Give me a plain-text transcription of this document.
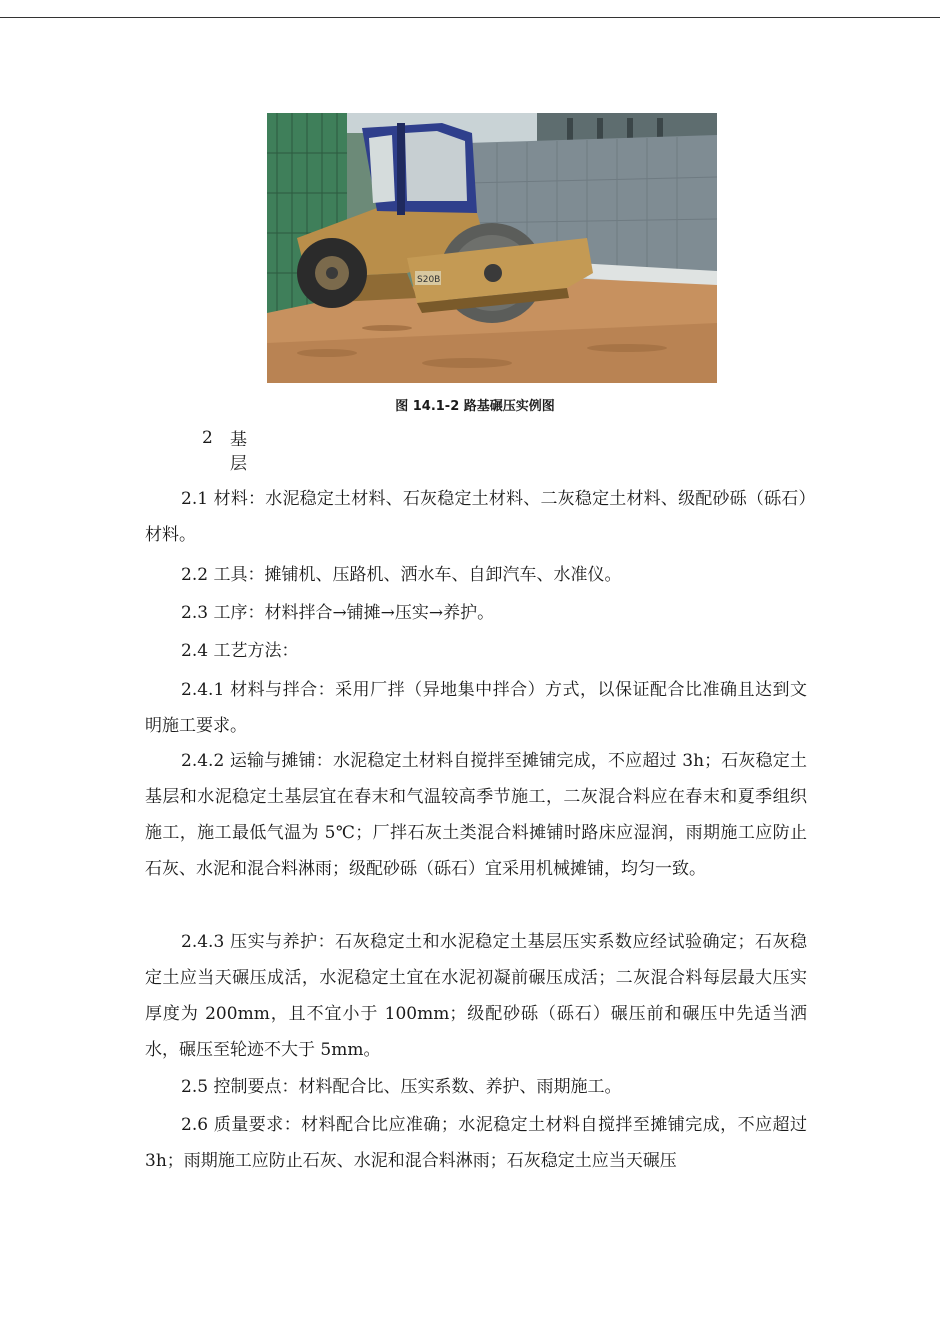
S20B
图 14.1-2 路基碾压实例图
2 基层

2.1 材料：水泥稳定土材料、石灰稳定土材料、二灰稳定土材料、级配砂砾（砾石）材料。

2.2 工具：摊铺机、压路机、洒水车、自卸汽车、水准仪。

2.3 工序：材料拌合→铺摊→压实→养护。

2.4 工艺方法：

2.4.1 材料与拌合：采用厂拌（异地集中拌合）方式，以保证配合比准确且达到文明施工要求。

2.4.2 运输与摊铺：水泥稳定土材料自搅拌至摊铺完成，不应超过 3h；石灰稳定土基层和水泥稳定土基层宜在春末和气温较高季节施工，二灰混合料应在春末和夏季组织施工，施工最低气温为 5℃；厂拌石灰土类混合料摊铺时路床应湿润，雨期施工应防止石灰、水泥和混合料淋雨；级配砂砾（砾石）宜采用机械摊铺，均匀一致。

2.4.3 压实与养护：石灰稳定土和水泥稳定土基层压实系数应经试验确定；石灰稳定土应当天碾压成活，水泥稳定土宜在水泥初凝前碾压成活；二灰混合料每层最大压实厚度为 200mm，且不宜小于 100mm；级配砂砾（砾石）碾压前和碾压中先适当洒水，碾压至轮迹不大于 5mm。

2.5 控制要点：材料配合比、压实系数、养护、雨期施工。

2.6 质量要求：材料配合比应准确；水泥稳定土材料自搅拌至摊铺完成，不应超过 3h；雨期施工应防止石灰、水泥和混合料淋雨；石灰稳定土应当天碾压
